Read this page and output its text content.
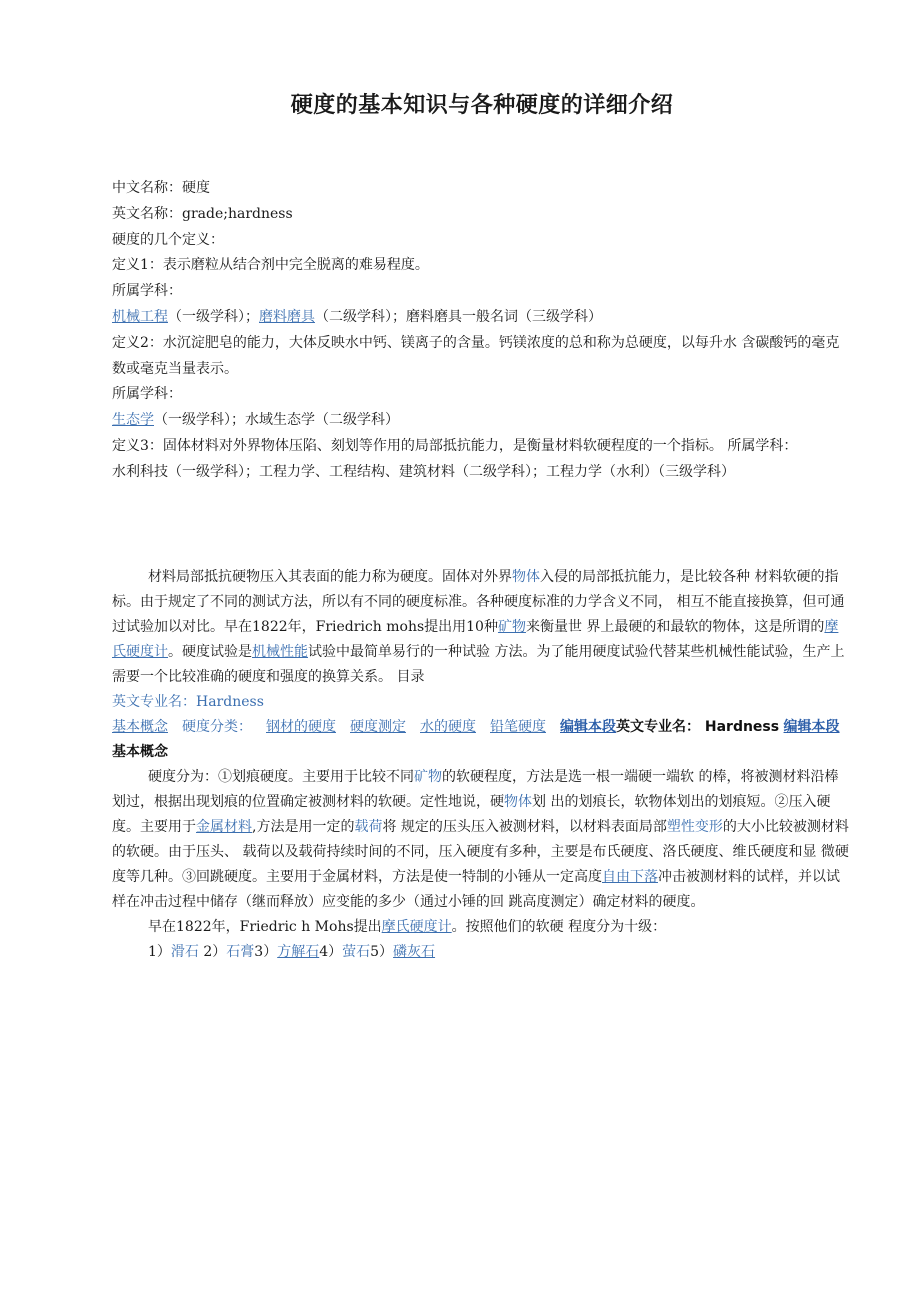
硬度的基本知识与各种硬度的详细介绍

中文名称：硬度

英文名称：grade;hardness

硬度的几个定义：

定义1：表示磨粒从结合剂中完全脱离的难易程度。

所属学科：

机械工程（一级学科）；磨料磨具（二级学科）；磨料磨具一般名词（三级学科）

定义2：水沉淀肥皂的能力，大体反映水中钙、镁离子的含量。钙镁浓度的总和称为总硬度，以每升水 含碳酸钙的毫克数或毫克当量表示。

所属学科：

生态学（一级学科）；水域生态学（二级学科）

定义3：固体材料对外界物体压陷、刻划等作用的局部抵抗能力，是衡量材料软硬程度的一个指标。 所属学科：

水利科技（一级学科）；工程力学、工程结构、建筑材料（二级学科）；工程力学（水利）（三级学科）

材料局部抵抗硬物压入其表面的能力称为硬度。固体对外界物体入侵的局部抵抗能力，是比较各种 材料软硬的指标。由于规定了不同的测试方法，所以有不同的硬度标准。各种硬度标准的力学含义不同， 相互不能直接换算，但可通过试验加以对比。早在1822年，Friedrich mohs提出用10种矿物来衡量世 界上最硬的和最软的物体，这是所谓的摩氏硬度计。硬度试验是机械性能试验中最简单易行的一种试验 方法。为了能用硬度试验代替某些机械性能试验，生产上需要一个比较准确的硬度和强度的换算关系。 目录

英文专业名：Hardness

基本概念 硬度分类： 钢材的硬度 硬度测定 水的硬度 铅笔硬度 编辑本段英文专业名： Hardness 编辑本段基本概念

硬度分为：①划痕硬度。主要用于比较不同矿物的软硬程度，方法是选一根一端硬一端软 的棒，将被测材料沿棒划过，根据出现划痕的位置确定被测材料的软硬。定性地说，硬物体划 出的划痕长，软物体划出的划痕短。②压入硬度。主要用于金属材料,方法是用一定的载荷将 规定的压头压入被测材料，以材料表面局部塑性变形的大小比较被测材料的软硬。由于压头、 载荷以及载荷持续时间的不同，压入硬度有多种，主要是布氏硬度、洛氏硬度、维氏硬度和显 微硬度等几种。③回跳硬度。主要用于金属材料，方法是使一特制的小锤从一定高度自由下落冲击被测材料的试样，并以试样在冲击过程中储存（继而释放）应变能的多少（通过小锤的回 跳高度测定）确定材料的硬度。

早在1822年，Friedric h Mohs提出摩氏硬度计。按照他们的软硬 程度分为十级：

1）滑石 2）石膏3）方解石4）萤石5）磷灰石
